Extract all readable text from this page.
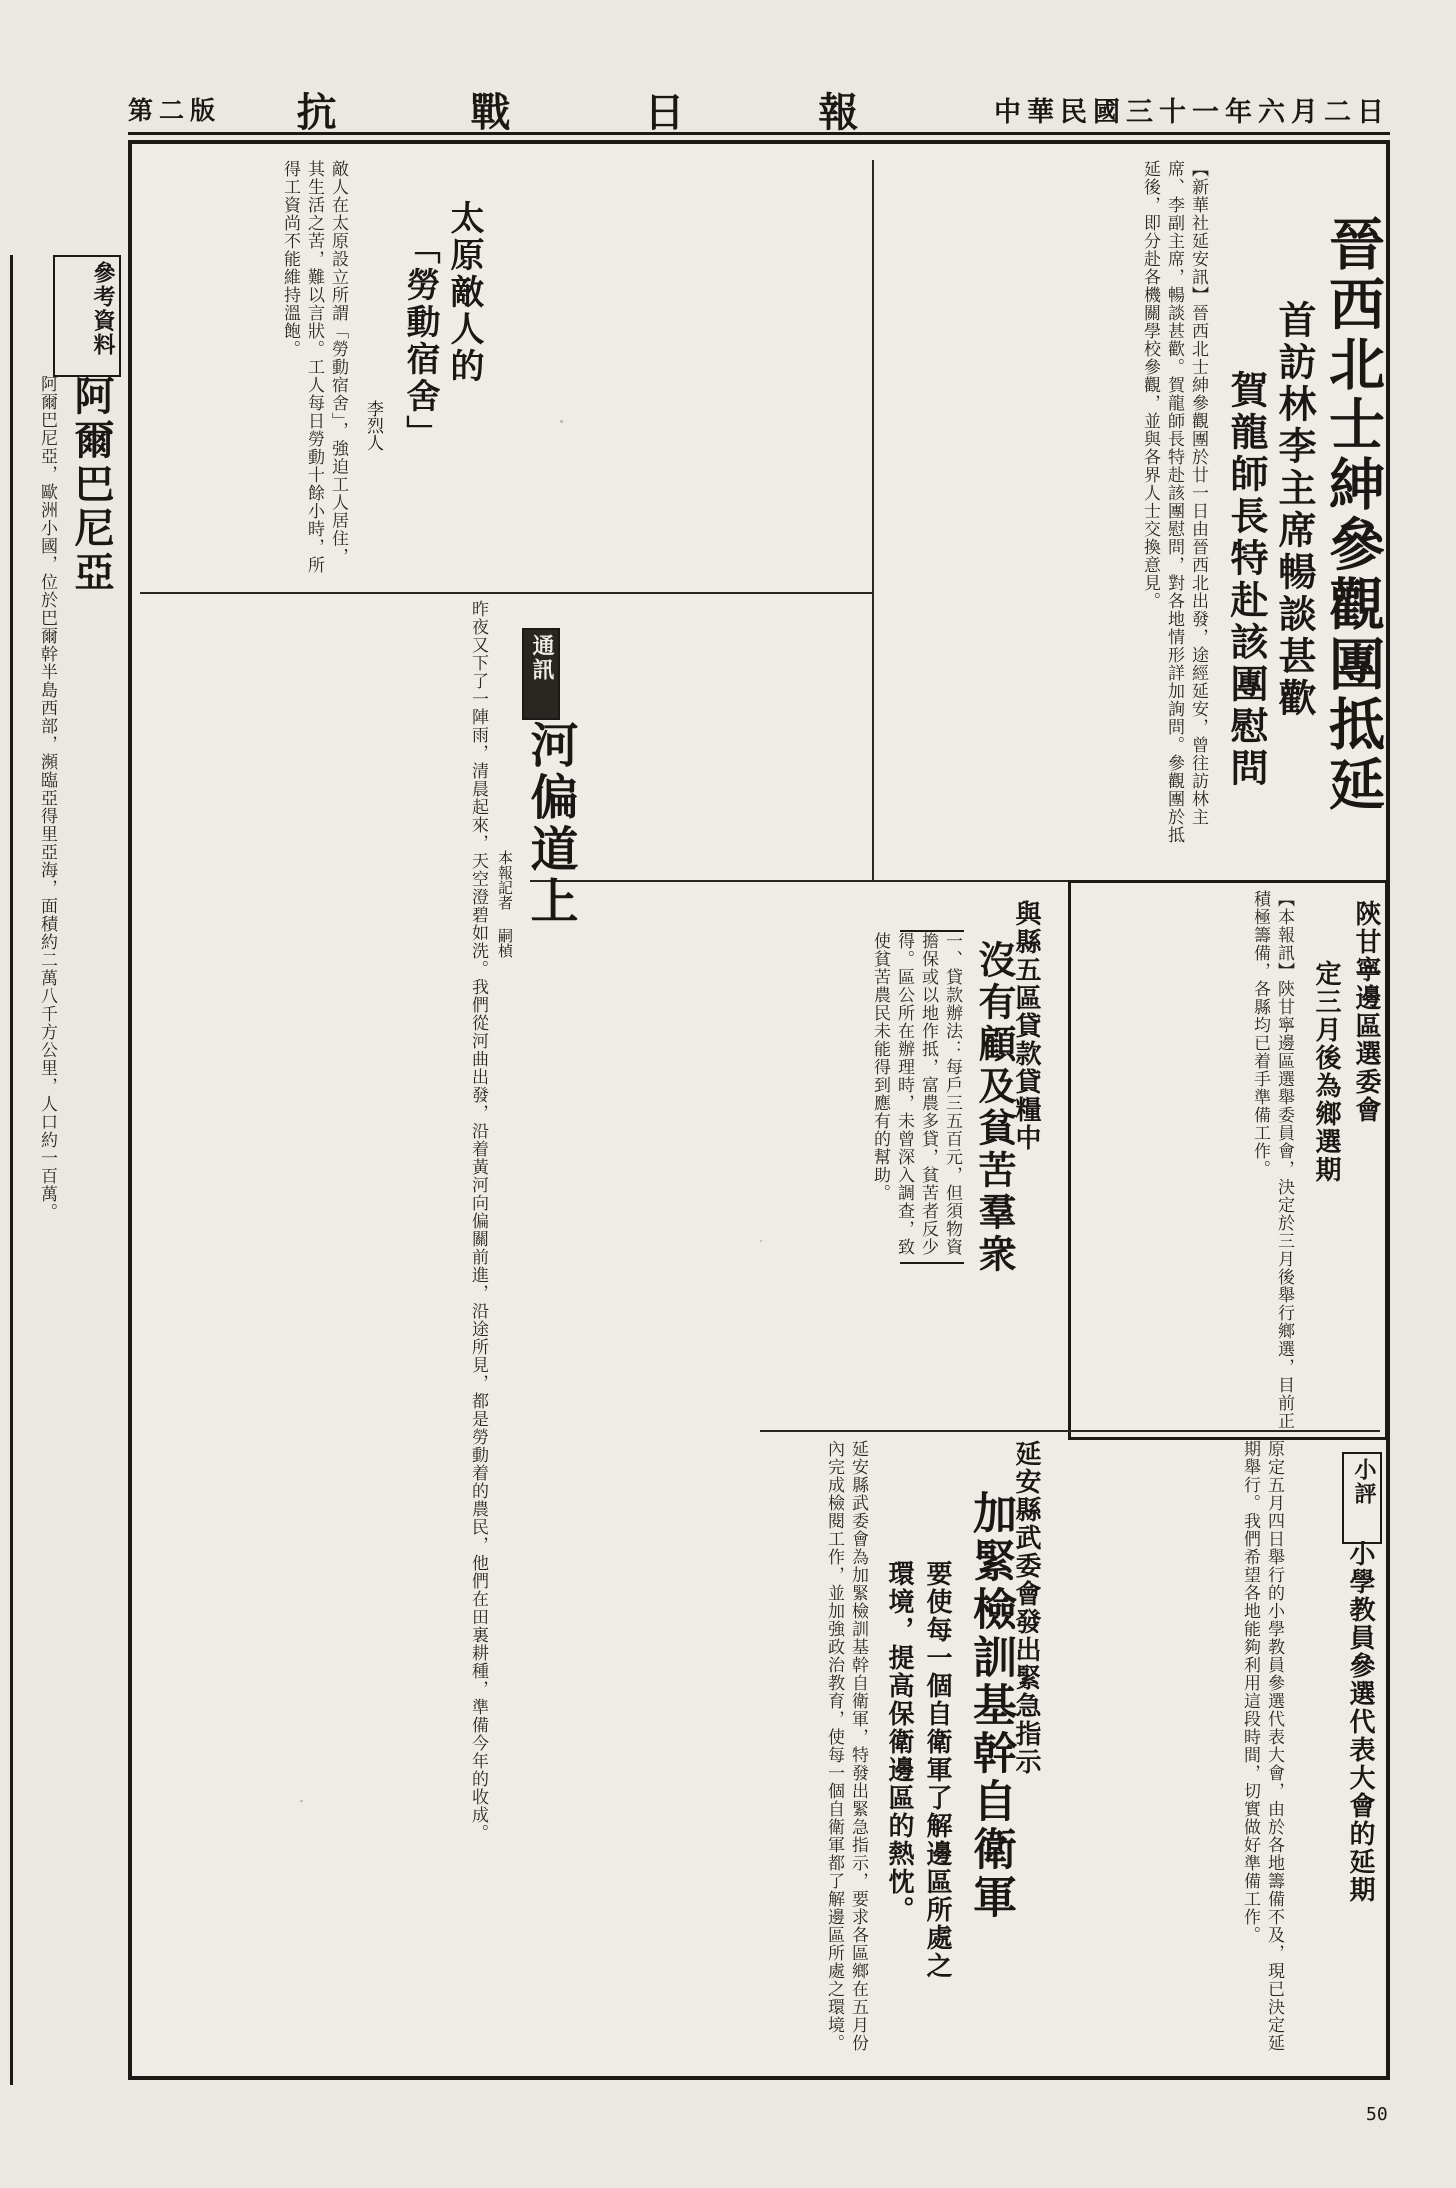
第二版 抗 戰 日 報	中華民國三十一年六月二日
晉西北士紳參觀團抵延
首訪林李主席暢談甚歡
賀龍師長特赴該團慰問
【新華社延安訊】晉西北士紳參觀團於廿一日由晉西北出發，途經延安，曾往訪林主席、李副主席，暢談甚歡。賀龍師長特赴該團慰問，對各地情形詳加詢問。參觀團於抵延後，即分赴各機關學校參觀，並與各界人士交換意見。
太原敵人的
「勞動宿舍」
李烈人
敵人在太原設立所謂「勞動宿舍」，強迫工人居住，其生活之苦，難以言狀。工人每日勞動十餘小時，所得工資尚不能維持溫飽。
通訊
河偏道上
本報記者 嗣楨
昨夜又下了一陣雨，清晨起來，天空澄碧如洗。我們從河曲出發，沿着黃河向偏關前進，沿途所見，都是勞動着的農民，他們在田裏耕種，準備今年的收成。	與縣五區貸款貸糧中
沒有顧及貧苦羣衆
一、貸款辦法：每戶三五百元，但須物資擔保或以地作抵，富農多貸，貧苦者反少得。區公所在辦理時，未曾深入調查，致使貧苦農民未能得到應有的幫助。	陝甘寧邊區選委會
定三月後為鄉選期
【本報訊】陝甘寧邊區選舉委員會，決定於三月後舉行鄉選，目前正積極籌備，各縣均已着手準備工作。
延安縣武委會發出緊急指示
加緊檢訓基幹自衛軍
要使每一個自衛軍了解邊區所處之環境，提高保衛邊區的熱忱。
延安縣武委會為加緊檢訓基幹自衛軍，特發出緊急指示，要求各區鄉在五月份內完成檢閱工作，並加強政治教育，使每一個自衛軍都了解邊區所處之環境。	小評
小學教員參選代表大會的延期
原定五月四日舉行的小學教員參選代表大會，由於各地籌備不及，現已決定延期舉行。我們希望各地能夠利用這段時間，切實做好準備工作。
參考資料
阿爾巴尼亞
阿爾巴尼亞，歐洲小國，位於巴爾幹半島西部，瀕臨亞得里亞海，面積約二萬八千方公里，人口約一百萬。
50
